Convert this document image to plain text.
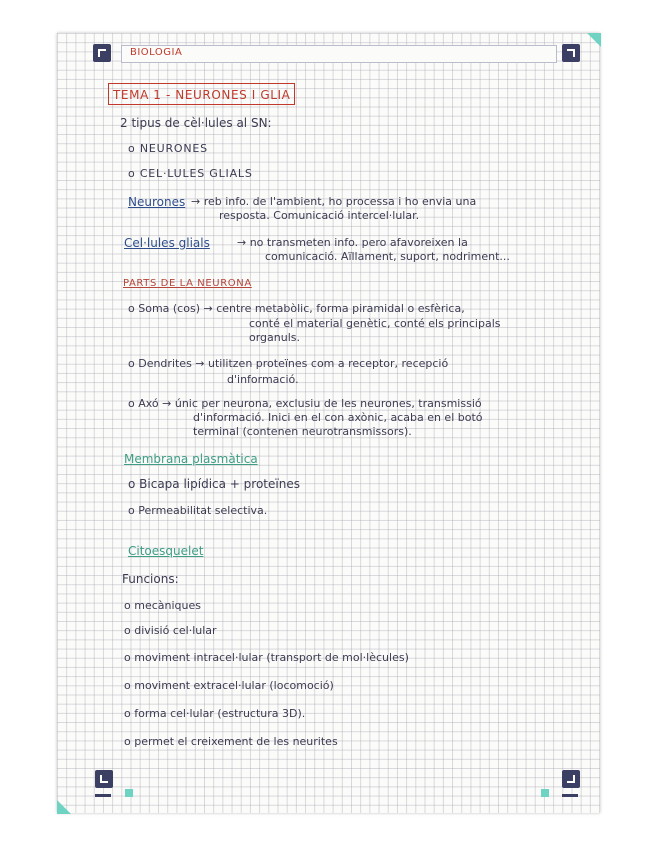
BIOLOGIA
TEMA 1 - NEURONES I GLIA
2 tipus de cèl·lules al SN:
o NEURONES
o CEL·LULES GLIALS
Neurones → reb info. de l'ambient, ho processa i ho envia una
resposta. Comunicació intercel·lular.
Cel·lules glials → no transmeten info. pero afavoreixen la
comunicació. Aïllament, suport, nodriment...
PARTS DE LA NEURONA
o Soma (cos) → centre metabòlic, forma piramidal o esfèrica,
conté el material genètic, conté els principals
organuls.
o Dendrites → utilitzen proteïnes com a receptor, recepció
d'informació.
o Axó → únic per neurona, exclusiu de les neurones, transmissió
d'informació. Inici en el con axònic, acaba en el botó
terminal (contenen neurotransmissors).
Membrana plasmàtica
o Bicapa lipídica + proteïnes
o Permeabilitat selectiva.
Citoesquelet
Funcions:
o mecàniques
o divisió cel·lular
o moviment intracel·lular (transport de mol·lècules)
o moviment extracel·lular (locomoció)
o forma cel·lular (estructura 3D).
o permet el creixement de les neurites
